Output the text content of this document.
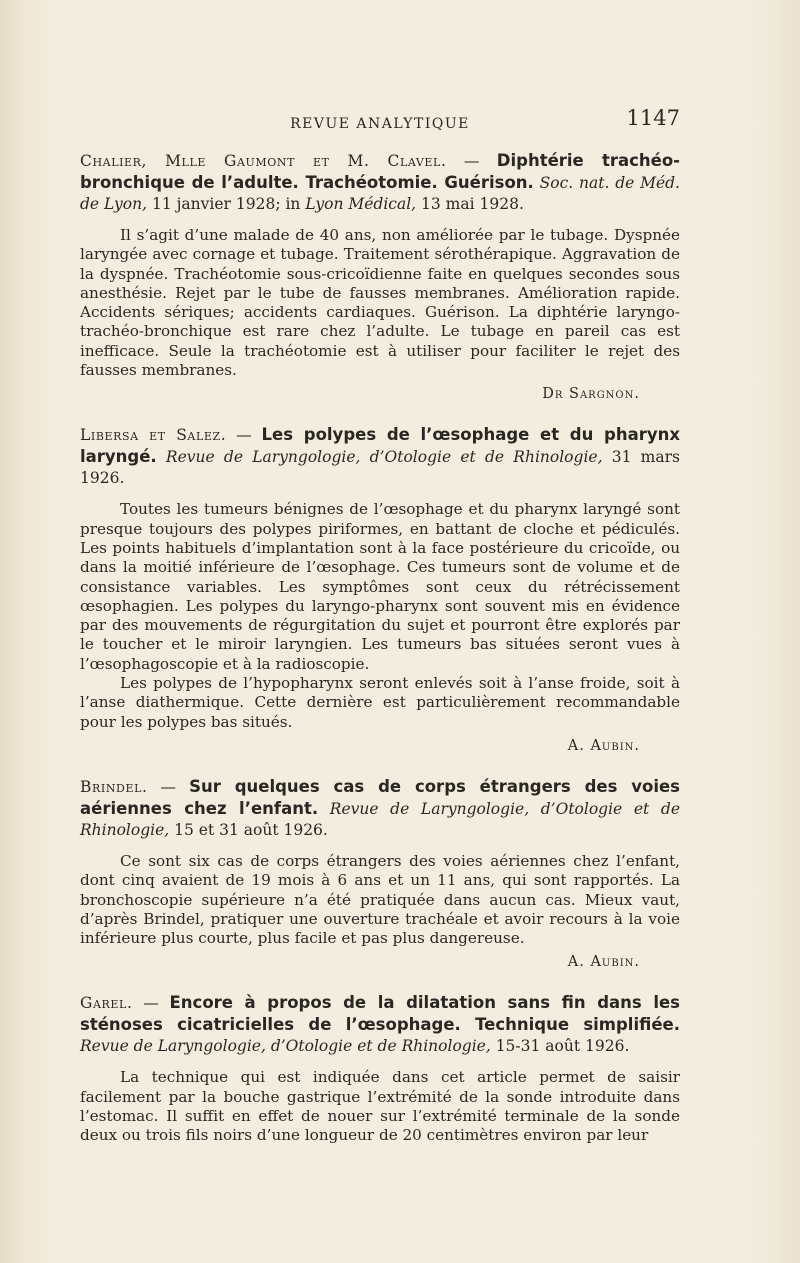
REVUE ANALYTIQUE	1147

Chalier, Mlle Gaumont et M. Clavel. — Diphtérie trachéo-bronchique de l’adulte. Trachéotomie. Guérison. Soc. nat. de Méd. de Lyon, 11 janvier 1928; in Lyon Médical, 13 mai 1928.

Il s’agit d’une malade de 40 ans, non améliorée par le tubage. Dyspnée laryngée avec cornage et tubage. Traitement sérothérapique. Aggravation de la dyspnée. Trachéotomie sous-cricoïdienne faite en quelques secondes sous anesthésie. Rejet par le tube de fausses membranes. Amélioration rapide. Accidents sériques; accidents cardiaques. Guérison. La diphtérie laryngo-trachéo-bronchique est rare chez l’adulte. Le tubage en pareil cas est inefficace. Seule la trachéotomie est à utiliser pour faciliter le rejet des fausses membranes.

Dr Sargnon.

Libersa et Salez. — Les polypes de l’œsophage et du pharynx laryngé. Revue de Laryngologie, d’Otologie et de Rhinologie, 31 mars 1926.

Toutes les tumeurs bénignes de l’œsophage et du pharynx laryngé sont presque toujours des polypes piriformes, en battant de cloche et pédiculés. Les points habituels d’implantation sont à la face postérieure du cricoïde, ou dans la moitié inférieure de l’œsophage. Ces tumeurs sont de volume et de consistance variables. Les symptômes sont ceux du rétrécissement œsophagien. Les polypes du laryngo-pharynx sont souvent mis en évidence par des mouvements de régurgitation du sujet et pourront être explorés par le toucher et le miroir laryngien. Les tumeurs bas situées seront vues à l’œsophagoscopie et à la radioscopie.

Les polypes de l’hypopharynx seront enlevés soit à l’anse froide, soit à l’anse diathermique. Cette dernière est particulièrement recommandable pour les polypes bas situés.

A. Aubin.

Brindel. — Sur quelques cas de corps étrangers des voies aériennes chez l’enfant. Revue de Laryngologie, d’Otologie et de Rhinologie, 15 et 31 août 1926.

Ce sont six cas de corps étrangers des voies aériennes chez l’enfant, dont cinq avaient de 19 mois à 6 ans et un 11 ans, qui sont rapportés. La bronchoscopie supérieure n’a été pratiquée dans aucun cas. Mieux vaut, d’après Brindel, pratiquer une ouverture trachéale et avoir recours à la voie inférieure plus courte, plus facile et pas plus dangereuse.

A. Aubin.

Garel. — Encore à propos de la dilatation sans fin dans les sténoses cicatricielles de l’œsophage. Technique simplifiée. Revue de Laryngologie, d’Otologie et de Rhinologie, 15-31 août 1926.

La technique qui est indiquée dans cet article permet de saisir facilement par la bouche gastrique l’extrémité de la sonde introduite dans l’estomac. Il suffit en effet de nouer sur l’extrémité terminale de la sonde deux ou trois fils noirs d’une longueur de 20 centimètres environ par leur
